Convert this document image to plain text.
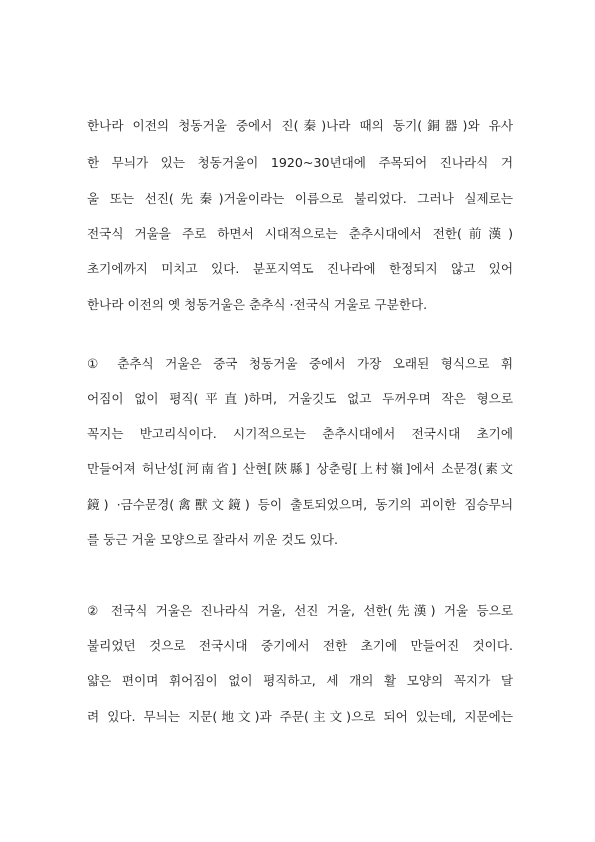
한나라 이전의 청동거울 중에서 진(秦)나라 때의 동기(銅器)와 유사
한 무늬가 있는 청동거울이 1920~30년대에 주목되어 진나라식 거
울 또는 선진(先秦)거울이라는 이름으로 불리었다. 그러나 실제로는
전국식 거울을 주로 하면서 시대적으로는 춘추시대에서 전한(前漢)
초기에까지 미치고 있다. 분포지역도 진나라에 한정되지 않고 있어
한나라 이전의 옛 청동거울은 춘추식 ·전국식 거울로 구분한다.
① 춘추식 거울은 중국 청동거울 중에서 가장 오래된 형식으로 휘
어짐이 없이 평직(平直)하며, 거울깃도 없고 두꺼우며 작은 형으로
꼭지는 반고리식이다. 시기적으로는 춘추시대에서 전국시대 초기에
만들어져 허난성[河南省] 산현[陝縣] 상춘링[上村嶺]에서 소문경(素文
鏡) ·금수문경(禽獸文鏡) 등이 출토되었으며, 동기의 괴이한 짐승무늬
를 둥근 거울 모양으로 잘라서 끼운 것도 있다.
② 전국식 거울은 진나라식 거울, 선진 거울, 선한(先漢) 거울 등으로
불리었던 것으로 전국시대 중기에서 전한 초기에 만들어진 것이다.
얇은 편이며 휘어짐이 없이 평직하고, 세 개의 활 모양의 꼭지가 달
려 있다. 무늬는 지문(地文)과 주문(主文)으로 되어 있는데, 지문에는
